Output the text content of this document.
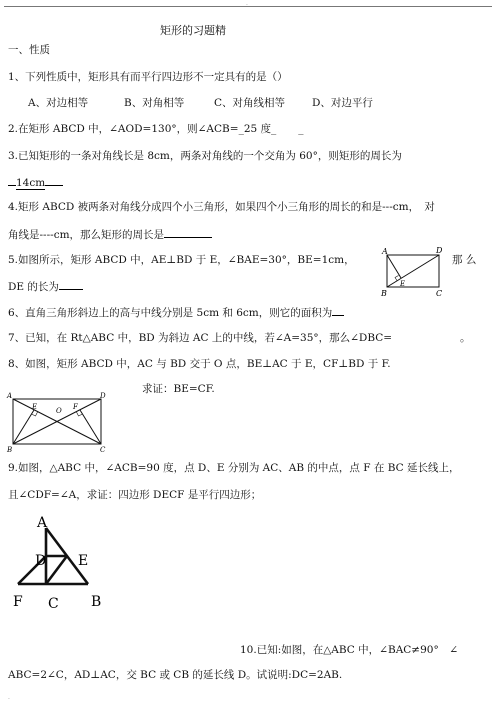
.
矩形的习题精
一、性质
1、下列性质中，矩形具有而平行四边形不一定具有的是（）
A、对边相等	B、对角相等	C、对角线相等	D、对边平行
2.在矩形 ABCD 中，∠AOD=130°，则∠ACB=_25 度_ _
3.已知矩形的一条对角线长是 8cm，两条对角线的一个交角为 60°，则矩形的周长为
14cm
4.矩形 ABCD 被两条对角线分成四个小三角形，如果四个小三角形的周长的和是---cm，　对
角线是----cm，那么矩形的周长是
5.如图所示，矩形 ABCD 中，AE⊥BD 于 E，∠BAE=30°，BE=1cm，	那 么
DE 的长为
A	D
E
B	C
6、直角三角形斜边上的高与中线分别是 5cm 和 6cm，则它的面积为
7、已知，在 Rt△ABC 中，BD 为斜边 AC 上的中线，若∠A=35°，那么∠DBC=	。
8、如图，矩形 ABCD 中，AC 与 BD 交于 O 点，BE⊥AC 于 E，CF⊥BD 于 F.
求证：BE=CF.
A	D
E	O F
B	C
9.如图，△ABC 中，∠ACB=90 度，点 D、E 分别为 AC、AB 的中点，点 F 在 BC 延长线上，
且∠CDF=∠A，求证：四边形 DECF 是平行四边形；
A
D E
F C B
10.已知:如图，在△ABC 中，∠BAC≠90°　∠
ABC=2∠C，AD⊥AC，交 BC 或 CB 的延长线 D。试说明:DC=2AB.
.
